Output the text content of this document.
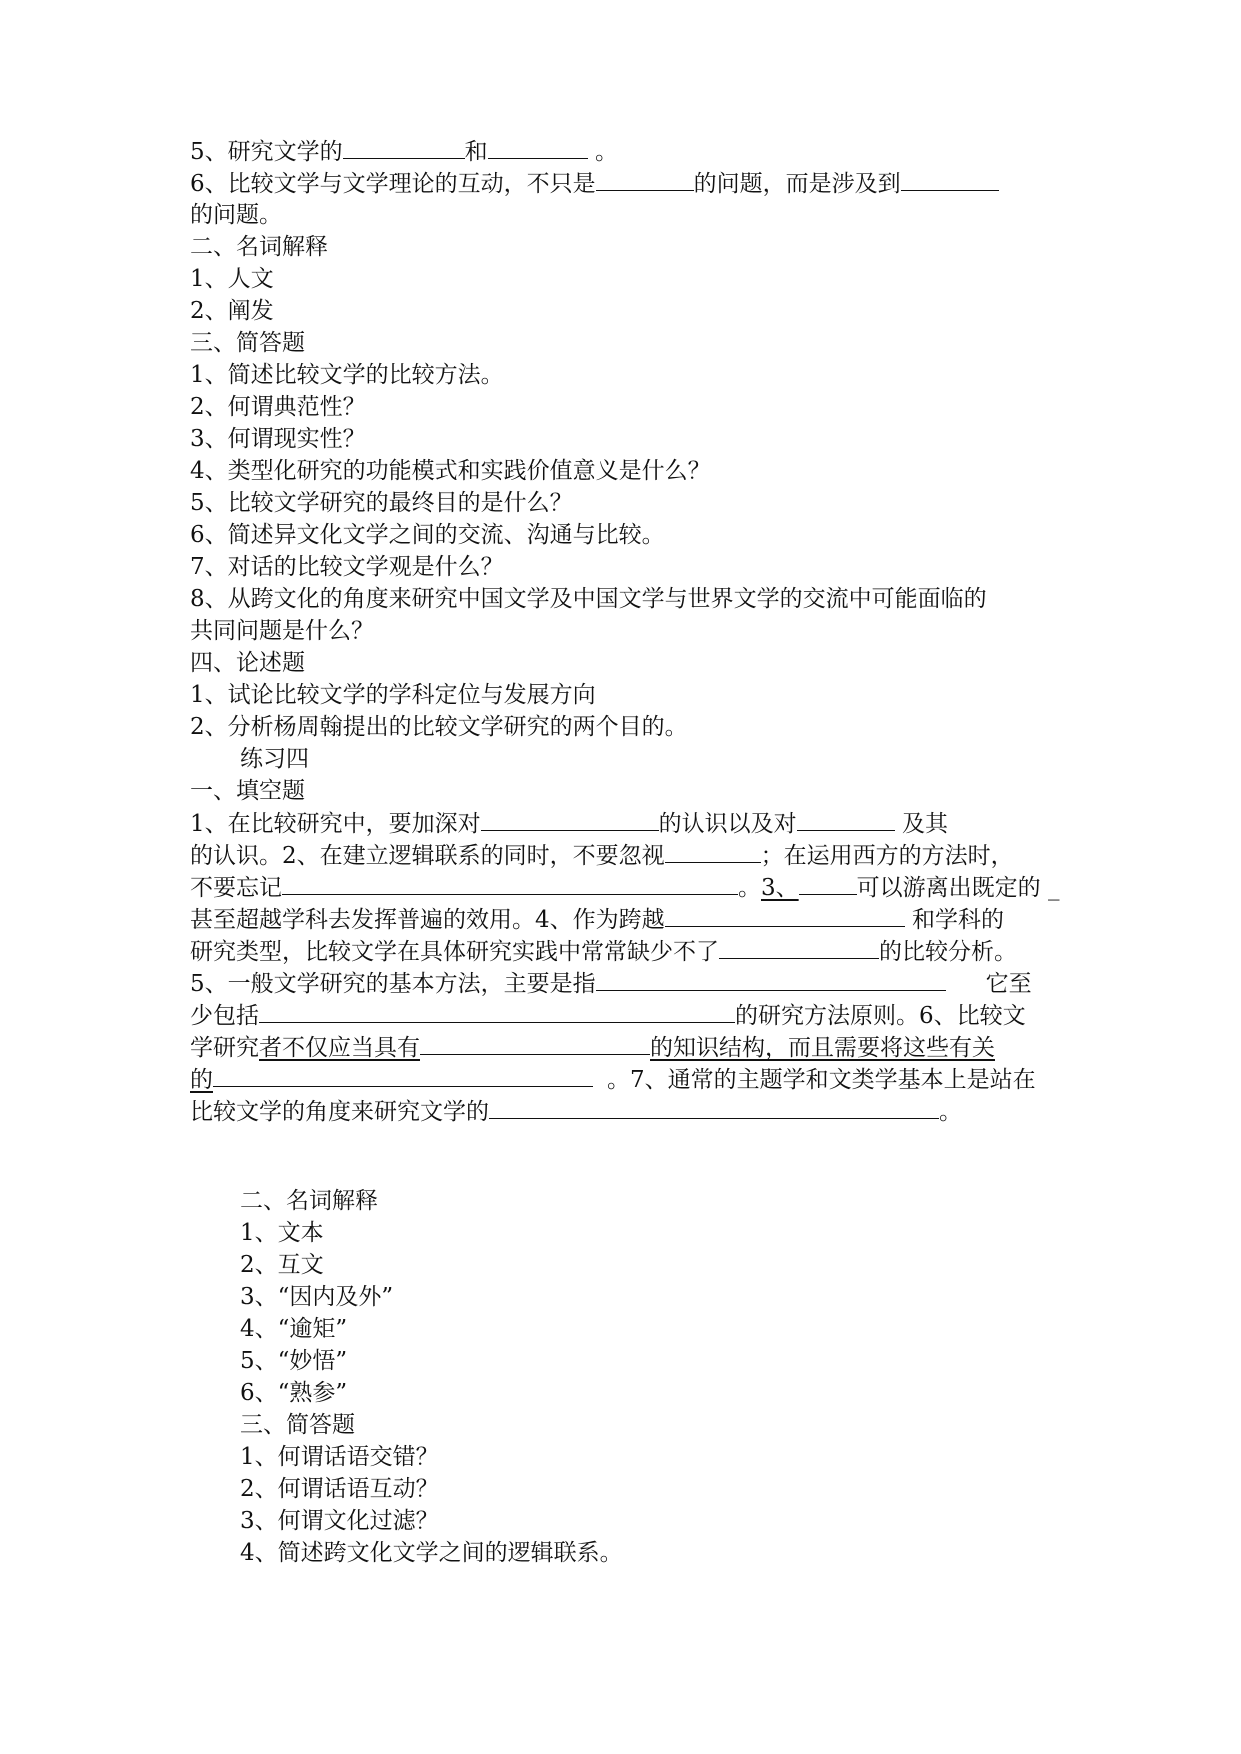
5、研究文学的	和	。
6、比较文学与文学理论的互动，不只是	的问题，而是涉及到
的问题。
二、名词解释
1、人文
2、阐发
三、简答题
1、简述比较文学的比较方法。
2、何谓典范性？
3、何谓现实性？
4、类型化研究的功能模式和实践价值意义是什么？
5、比较文学研究的最终目的是什么？
6、简述异文化文学之间的交流、沟通与比较。
7、对话的比较文学观是什么？
8、从跨文化的角度来研究中国文学及中国文学与世界文学的交流中可能面临的
共同问题是什么？
四、论述题
1、试论比较文学的学科定位与发展方向
2、分析杨周翰提出的比较文学研究的两个目的。
练习四
一、填空题
1、在比较研究中，要加深对	的认识以及对	及其
的认识。2、在建立逻辑联系的同时，不要忽视	；在运用西方的方法时，
不要忘记	。3、	可以游离出既定的 _
甚至超越学科去发挥普遍的效用。4、作为跨越	和学科的
研究类型，比较文学在具体研究实践中常常缺少不了	的比较分析。
5、一般文学研究的基本方法，主要是指	它至
少包括	的研究方法原则。6、比较文
学研究者不仅应当具有	的知识结构，而且需要将这些有关
的	。7、通常的主题学和文类学基本上是站在
比较文学的角度来研究文学的	。
二、名词解释
1、文本
2、互文
3、“因内及外”
4、“逾矩”
5、“妙悟”
6、“熟参”
三、简答题
1、何谓话语交错？
2、何谓话语互动？
3、何谓文化过滤？
4、简述跨文化文学之间的逻辑联系。
